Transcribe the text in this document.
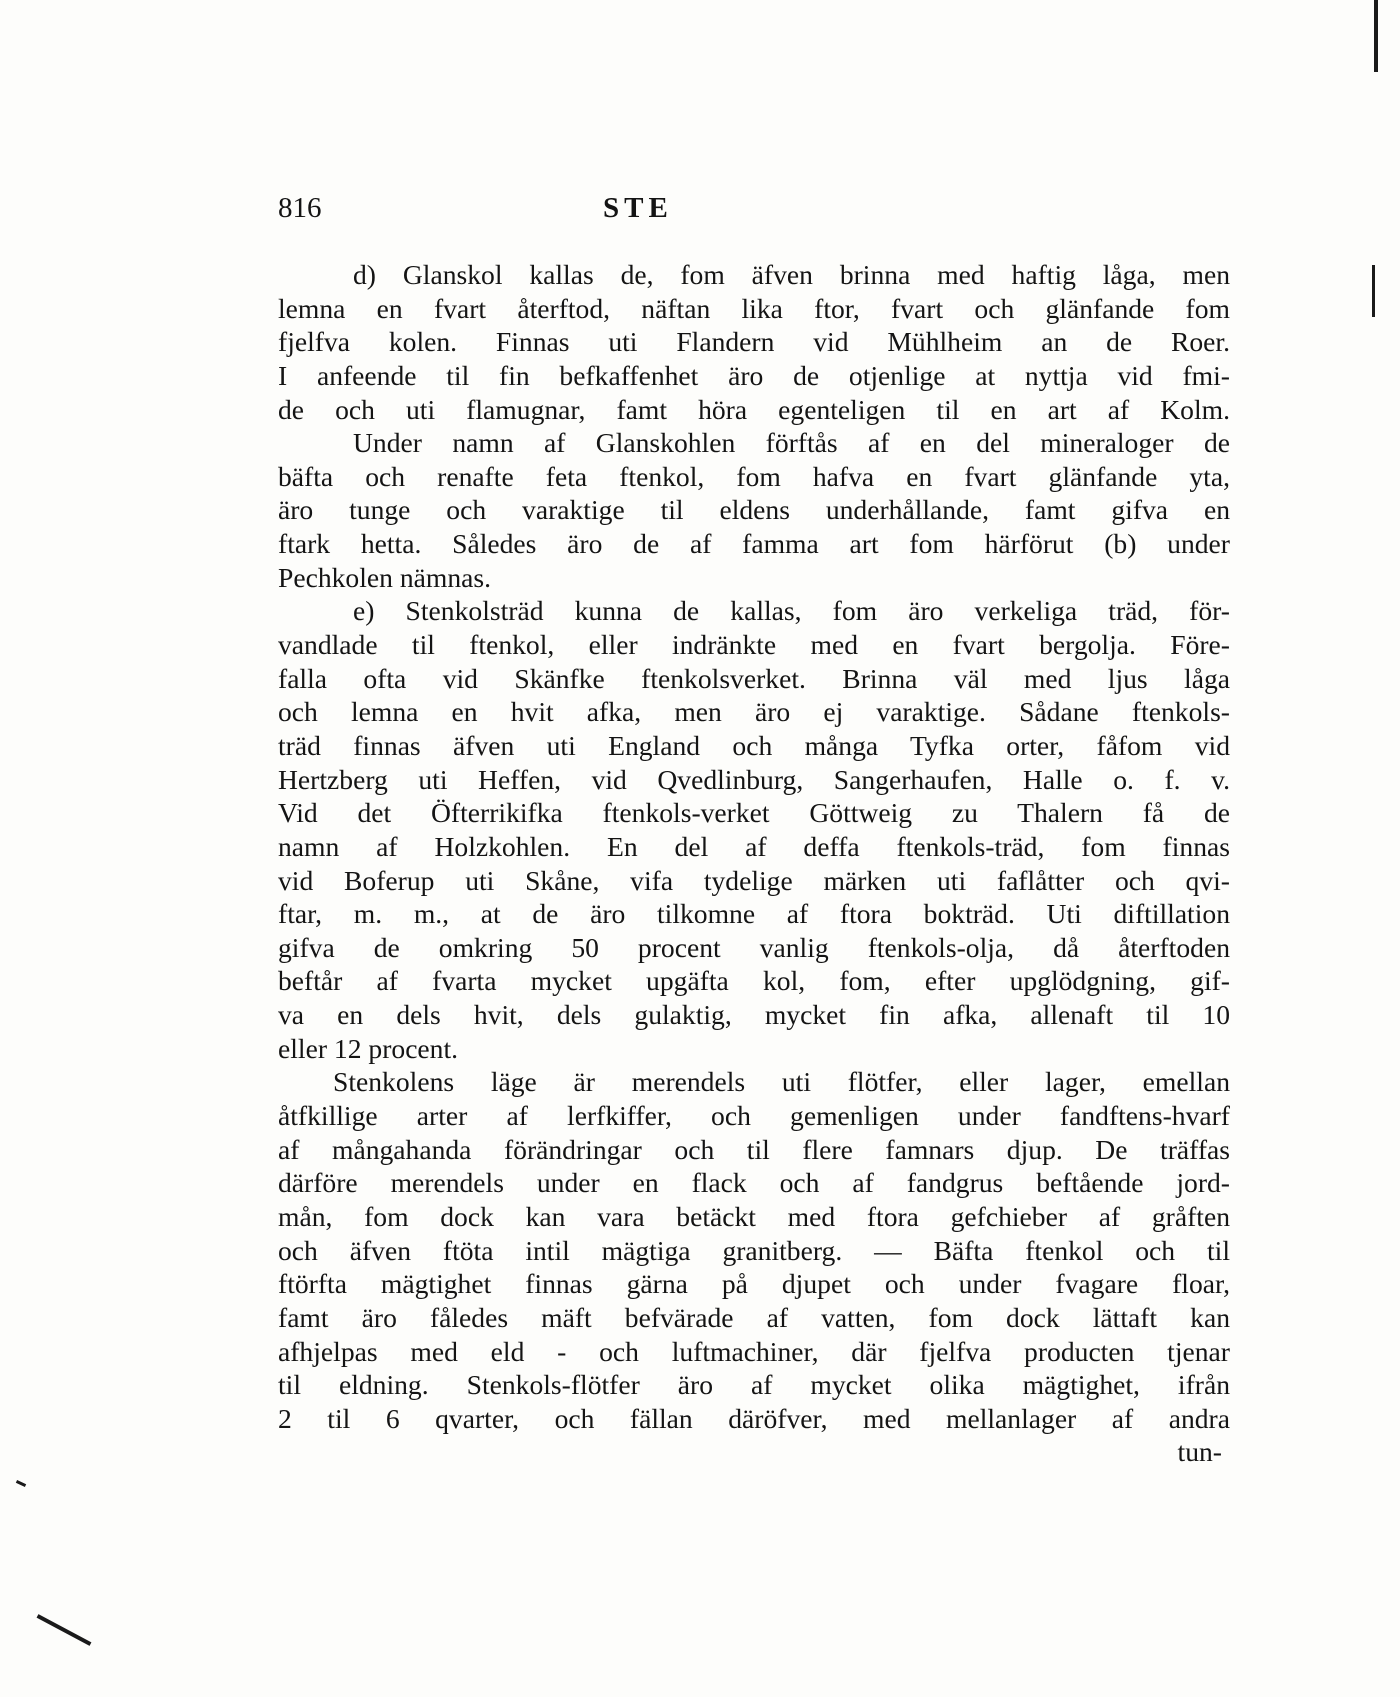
816	STE
d) Glanskol kallas de, fom äfven brinna med haftig låga, men
lemna en fvart återftod, näftan lika ftor, fvart och glänfande fom
fjelfva kolen. Finnas uti Flandern vid Mühlheim an de Roer.
I anfeende til fin befkaffenhet äro de otjenlige at nyttja vid fmi-
de och uti flamugnar, famt höra egenteligen til en art af Kolm.
Under namn af Glanskohlen förftås af en del mineraloger de
bäfta och renafte feta ftenkol, fom hafva en fvart glänfande yta,
äro tunge och varaktige til eldens underhållande, famt gifva en
ftark hetta. Således äro de af famma art fom härförut (b) under
Pechkolen nämnas.
e) Stenkolsträd kunna de kallas, fom äro verkeliga träd, för-
vandlade til ftenkol, eller indränkte med en fvart bergolja. Före-
falla ofta vid Skänfke ftenkolsverket. Brinna väl med ljus låga
och lemna en hvit afka, men äro ej varaktige. Sådane ftenkols-
träd finnas äfven uti England och många Tyfka orter, fåfom vid
Hertzberg uti Heffen, vid Qvedlinburg, Sangerhaufen, Halle o. f. v.
Vid det Öfterrikifka ftenkols-verket Göttweig zu Thalern få de
namn af Holzkohlen. En del af deffa ftenkols-träd, fom finnas
vid Boferup uti Skåne, vifa tydelige märken uti faflåtter och qvi-
ftar, m. m., at de äro tilkomne af ftora bokträd. Uti diftillation
gifva de omkring 50 procent vanlig ftenkols-olja, då återftoden
beftår af fvarta mycket upgäfta kol, fom, efter upglödgning, gif-
va en dels hvit, dels gulaktig, mycket fin afka, allenaft til 10
eller 12 procent.
Stenkolens läge är merendels uti flötfer, eller lager, emellan
åtfkillige arter af lerfkiffer, och gemenligen under fandftens-hvarf
af mångahanda förändringar och til flere famnars djup. De träffas
därföre merendels under en flack och af fandgrus beftående jord-
mån, fom dock kan vara betäckt med ftora gefchieber af gråften
och äfven ftöta intil mägtiga granitberg. — Bäfta ftenkol och til
ftörfta mägtighet finnas gärna på djupet och under fvagare floar,
famt äro fåledes mäft befvärade af vatten, fom dock lättaft kan
afhjelpas med eld - och luftmachiner, där fjelfva producten tjenar
til eldning. Stenkols-flötfer äro af mycket olika mägtighet, ifrån
2 til 6 qvarter, och fällan däröfver, med mellanlager af andra
tun-
